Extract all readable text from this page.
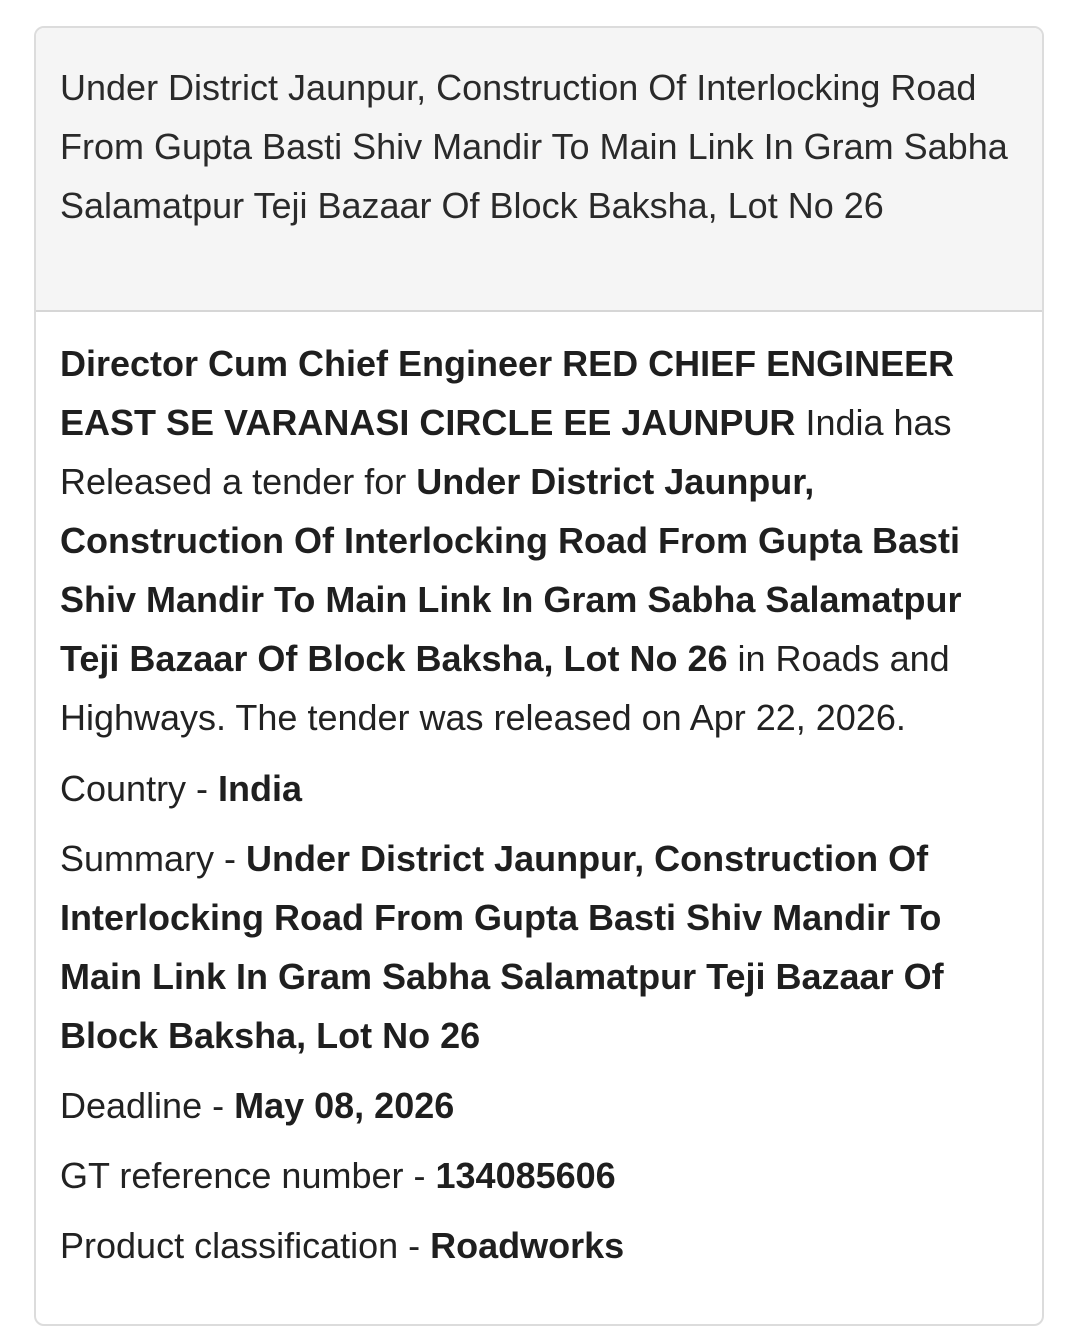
Under District Jaunpur, Construction Of Interlocking Road From Gupta Basti Shiv Mandir To Main Link In Gram Sabha Salamatpur Teji Bazaar Of Block Baksha, Lot No 26

Director Cum Chief Engineer RED CHIEF ENGINEER EAST SE VARANASI CIRCLE EE JAUNPUR India has Released a tender for Under District Jaunpur, Construction Of Interlocking Road From Gupta Basti Shiv Mandir To Main Link In Gram Sabha Salamatpur Teji Bazaar Of Block Baksha, Lot No 26 in Roads and Highways. The tender was released on Apr 22, 2026.

Country - India
Summary - Under District Jaunpur, Construction Of Interlocking Road From Gupta Basti Shiv Mandir To Main Link In Gram Sabha Salamatpur Teji Bazaar Of Block Baksha, Lot No 26
Deadline - May 08, 2026
GT reference number - 134085606
Product classification - Roadworks
